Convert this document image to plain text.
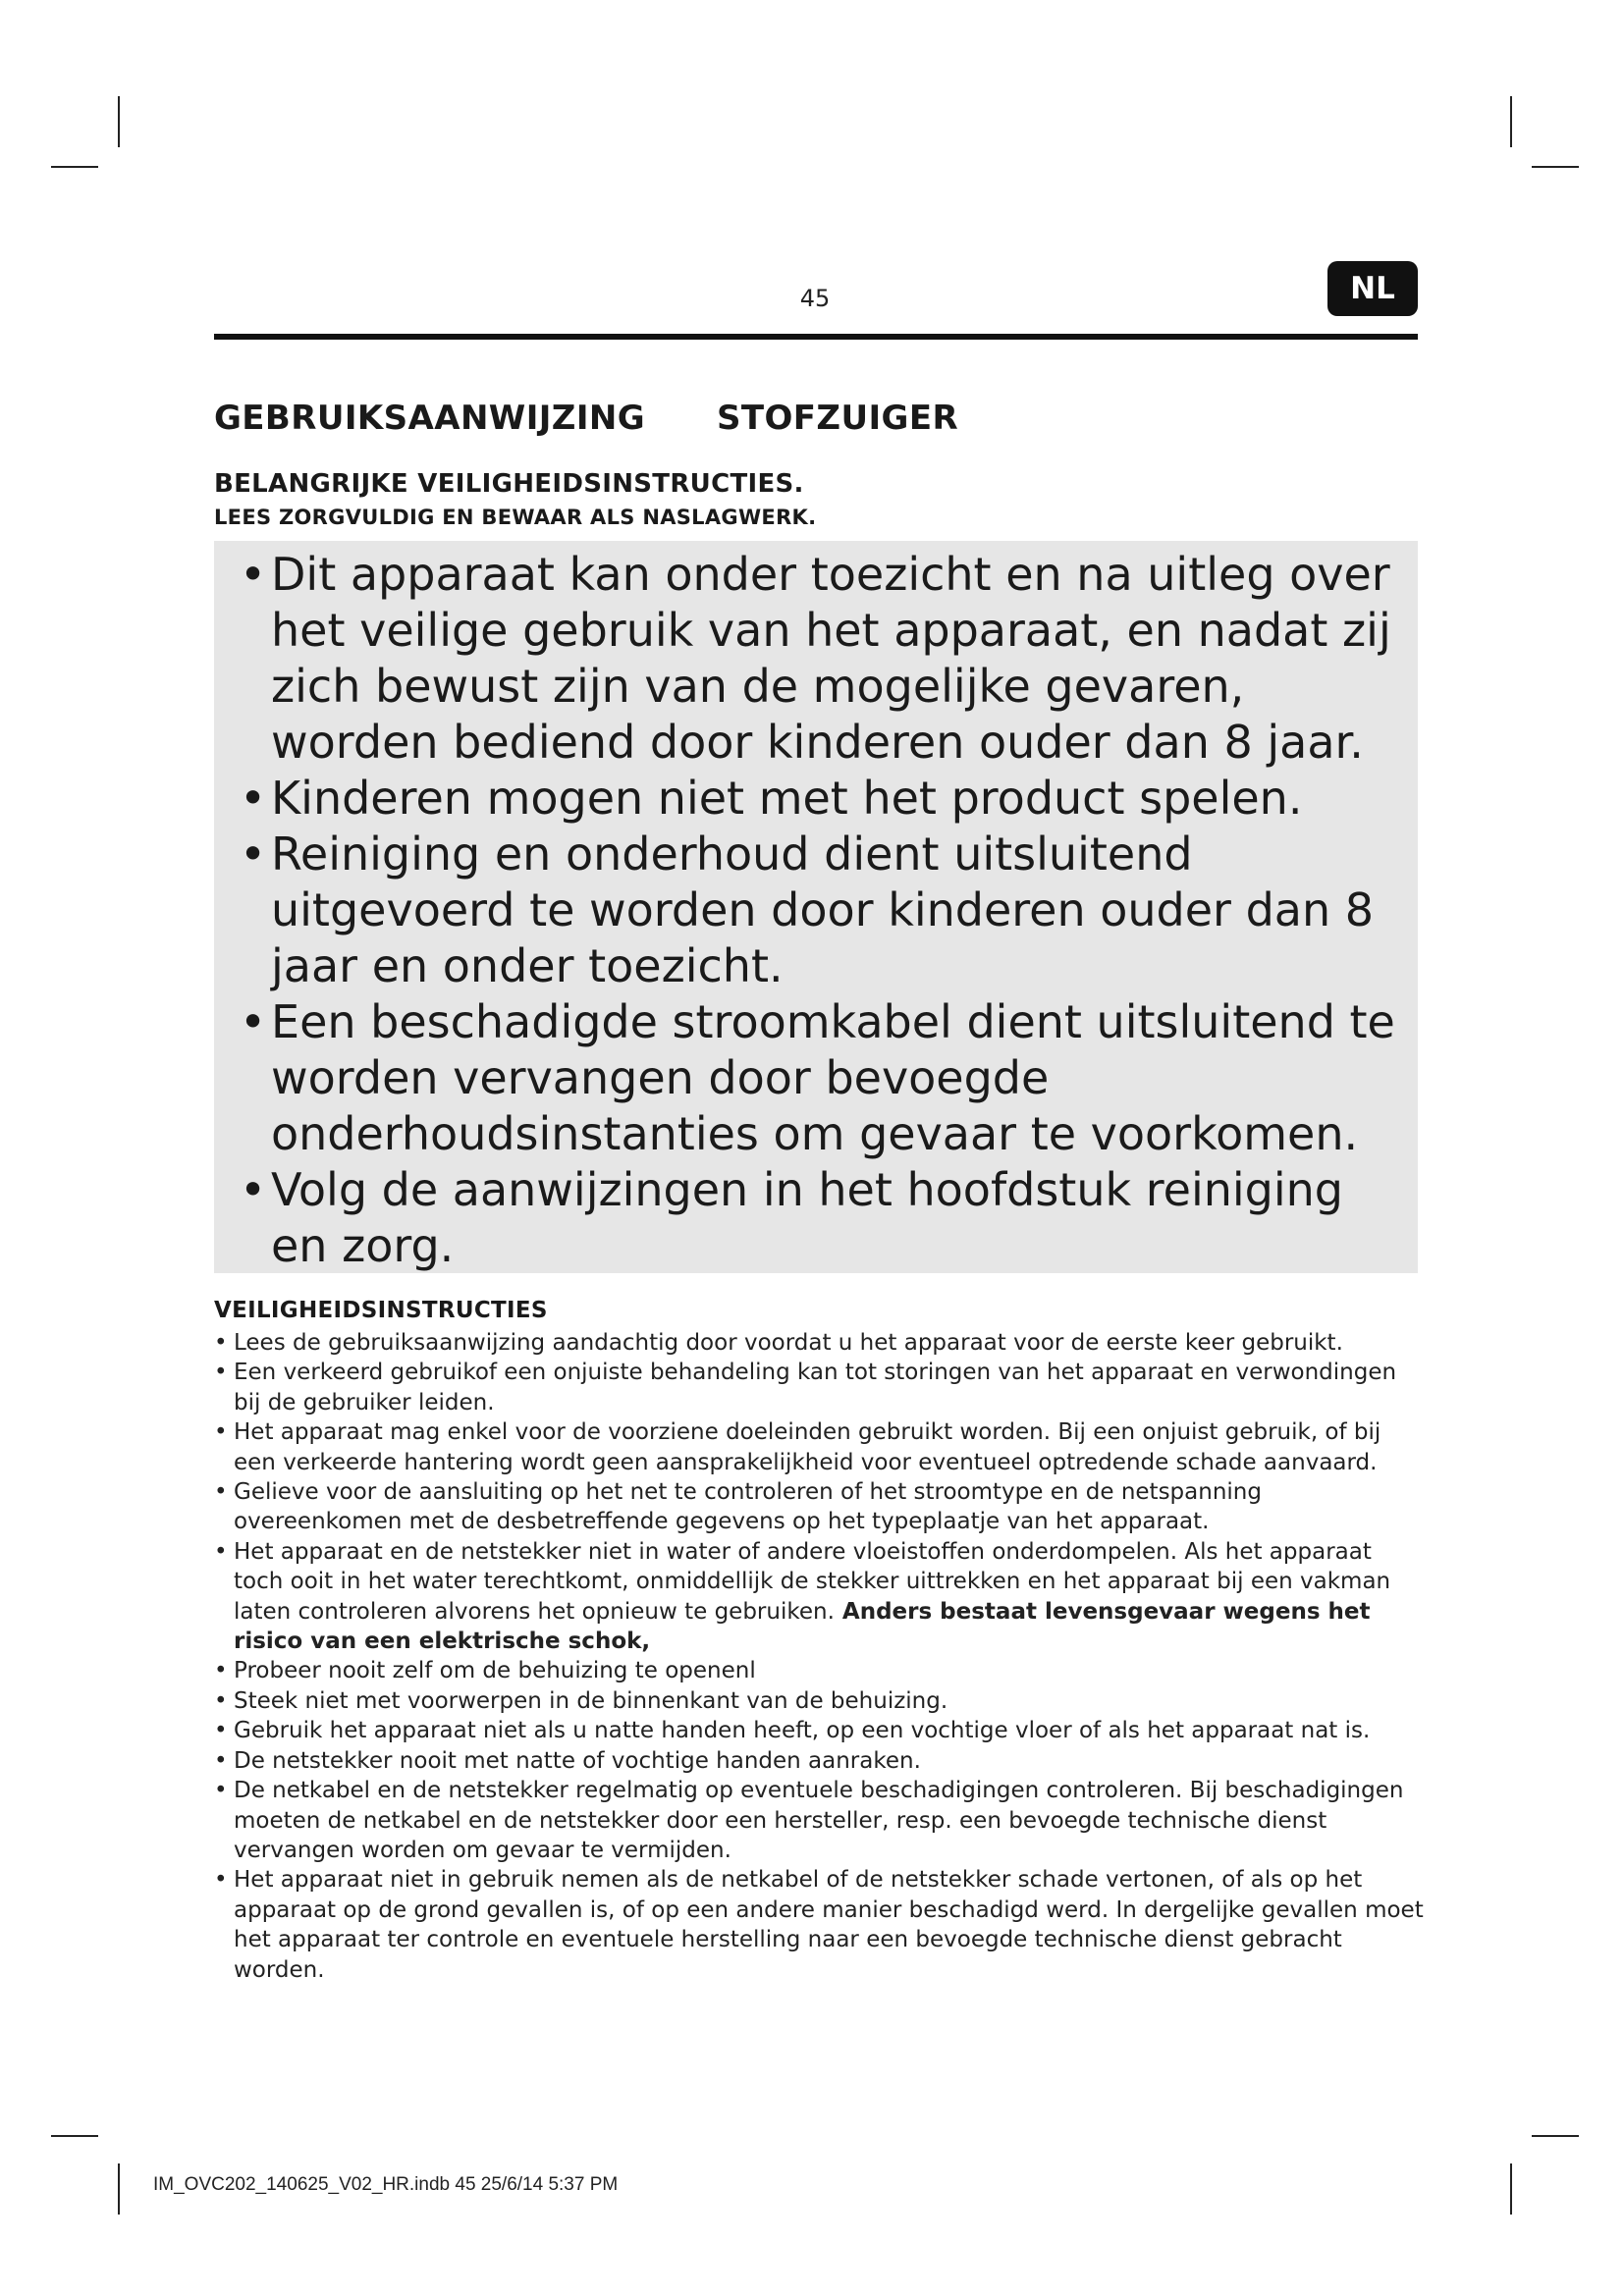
45	NL
GEBRUIKSAANWIJZING STOFZUIGER
BELANGRIJKE VEILIGHEIDSINSTRUCTIES.
LEES ZORGVULDIG EN BEWAAR ALS NASLAGWERK.
• Dit apparaat kan onder toezicht en na uitleg over het veilige gebruik van het apparaat, en nadat zij zich bewust zijn van de mogelijke gevaren, worden bediend door kinderen ouder dan 8 jaar.
• Kinderen mogen niet met het product spelen.
• Reiniging en onderhoud dient uitsluitend uitgevoerd te worden door kinderen ouder dan 8 jaar en onder toezicht.
• Een beschadigde stroomkabel dient uitsluitend te worden vervangen door bevoegde onderhoudsinstanties om gevaar te voorkomen.
• Volg de aanwijzingen in het hoofdstuk reiniging en zorg.
VEILIGHEIDSINSTRUCTIES
• Lees de gebruiksaanwijzing aandachtig door voordat u het apparaat voor de eerste keer gebruikt.
• Een verkeerd gebruikof een onjuiste behandeling kan tot storingen van het apparaat en verwondingen bij de gebruiker leiden.
• Het apparaat mag enkel voor de voorziene doeleinden gebruikt worden. Bij een onjuist gebruik, of bij een verkeerde hantering wordt geen aansprakelijkheid voor eventueel optredende schade aanvaard.
• Gelieve voor de aansluiting op het net te controleren of het stroomtype en de netspanning overeenkomen met de desbetreffende gegevens op het typeplaatje van het apparaat.
• Het apparaat en de netstekker niet in water of andere vloeistoffen onderdompelen. Als het apparaat toch ooit in het water terechtkomt, onmiddellijk de stekker uittrekken en het apparaat bij een vakman laten controleren alvorens het opnieuw te gebruiken. Anders bestaat levensgevaar wegens het risico van een elektrische schok,
• Probeer nooit zelf om de behuizing te openenl
• Steek niet met voorwerpen in de binnenkant van de behuizing.
• Gebruik het apparaat niet als u natte handen heeft, op een vochtige vloer of als het apparaat nat is.
• De netstekker nooit met natte of vochtige handen aanraken.
• De netkabel en de netstekker regelmatig op eventuele beschadigingen controleren. Bij beschadigingen moeten de netkabel en de netstekker door een hersteller, resp. een bevoegde technische dienst vervangen worden om gevaar te vermijden.
• Het apparaat niet in gebruik nemen als de netkabel of de netstekker schade vertonen, of als op het apparaat op de grond gevallen is, of op een andere manier beschadigd werd. In dergelijke gevallen moet het apparaat ter controle en eventuele herstelling naar een bevoegde technische dienst gebracht worden.
IM_OVC202_140625_V02_HR.indb 45 25/6/14 5:37 PM
